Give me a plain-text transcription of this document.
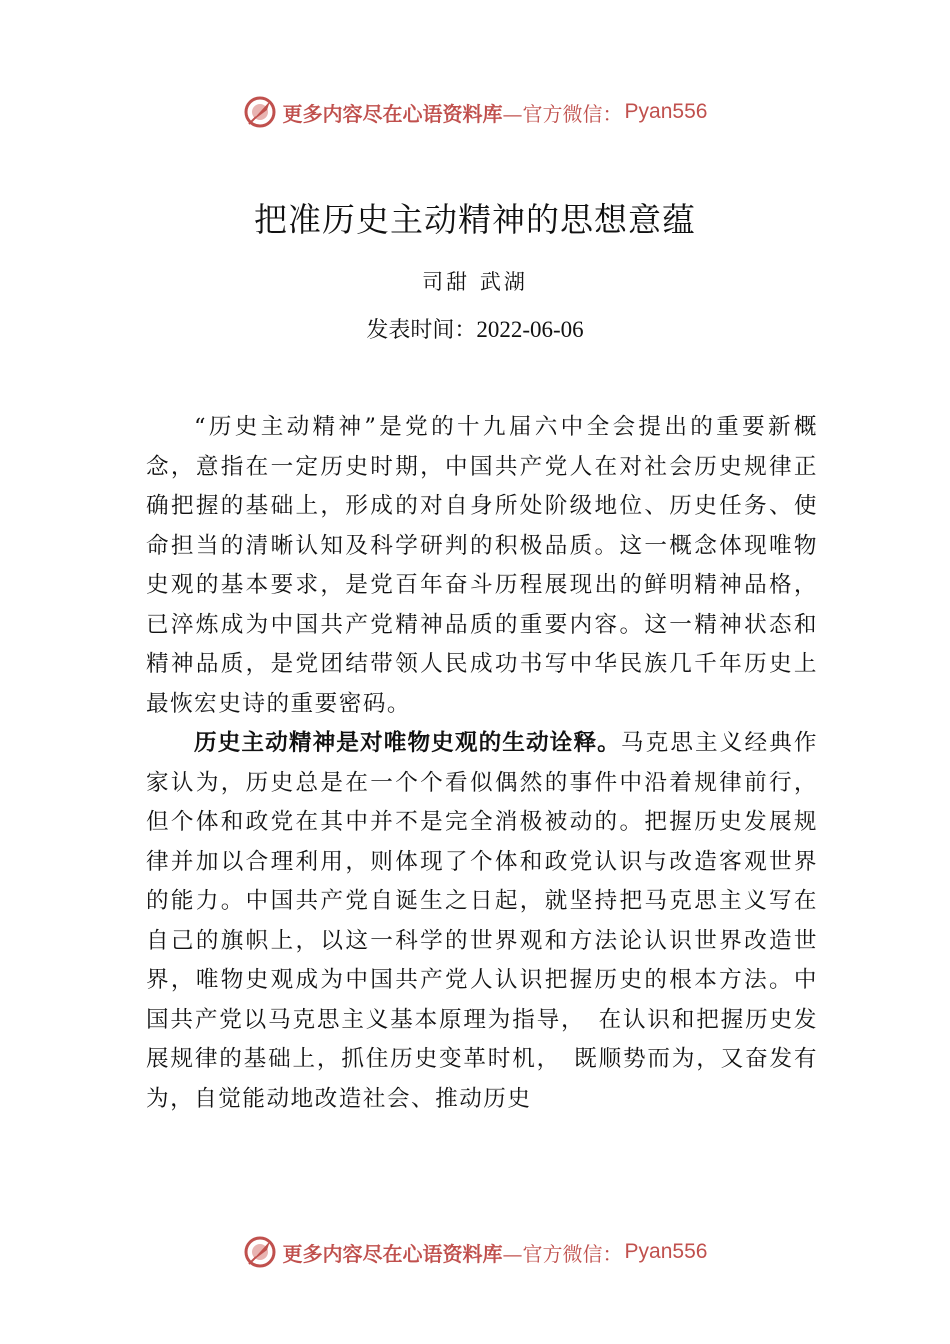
更多内容尽在心语资料库—官方微信： Pyan556
把准历史主动精神的思想意蕴
司甜 武湖
发表时间：2022-06-06

“历史主动精神”是党的十九届六中全会提出的重要新概念，意指在一定历史时期，中国共产党人在对社会历史规律正确把握的基础上，形成的对自身所处阶级地位、历史任务、使命担当的清晰认知及科学研判的积极品质。这一概念体现唯物史观的基本要求，是党百年奋斗历程展现出的鲜明精神品格，已淬炼成为中国共产党精神品质的重要内容。这一精神状态和精神品质，是党团结带领人民成功书写中华民族几千年历史上最恢宏史诗的重要密码。

历史主动精神是对唯物史观的生动诠释。马克思主义经典作家认为，历史总是在一个个看似偶然的事件中沿着规律前行，但个体和政党在其中并不是完全消极被动的。把握历史发展规律并加以合理利用，则体现了个体和政党认识与改造客观世界的能力。中国共产党自诞生之日起，就坚持把马克思主义写在自己的旗帜上，以这一科学的世界观和方法论认识世界改造世界，唯物史观成为中国共产党人认识把握历史的根本方法。中国共产党以马克思主义基本原理为指导，　在认识和把握历史发展规律的基础上，抓住历史变革时机，　既顺势而为，又奋发有为，自觉能动地改造社会、推动历史

更多内容尽在心语资料库—官方微信： Pyan556
